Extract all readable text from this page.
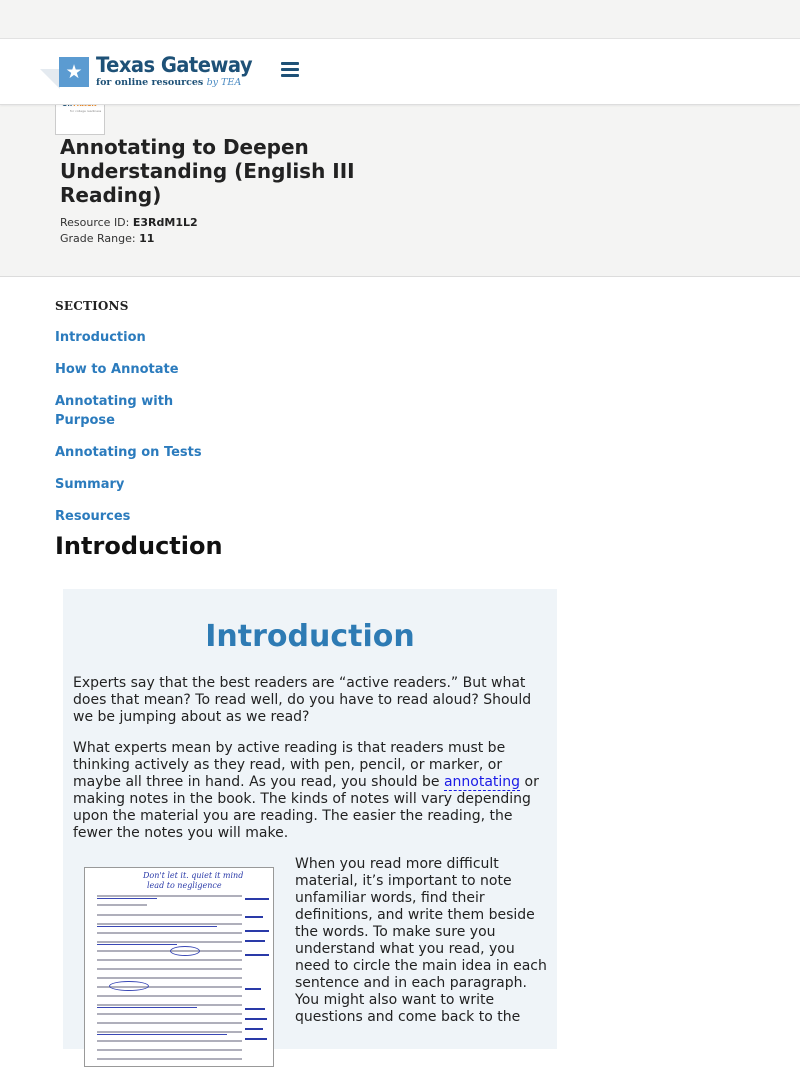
★ Texas Gateway
for online resources by TEA
for college readiness
Annotating to Deepen Understanding (English III Reading)
Resource ID: E3RdM1L2
Grade Range: 11
SECTIONS
Introduction
How to Annotate
Annotating with Purpose
Annotating on Tests
Summary
Resources
Introduction
Introduction

Experts say that the best readers are “active readers.” But what does that mean? To read well, do you have to read aloud? Should we be jumping about as we read?

What experts mean by active reading is that readers must be thinking actively as they read, with pen, pencil, or marker, or maybe all three in hand. As you read, you should be annotating or making notes in the book. The kinds of notes will vary depending upon the material you are reading. The easier the reading, the fewer the notes you will make.

Don't let it. quiet it mind
lead to negligence

When you read more difficult material, it’s important to note unfamiliar words, find their definitions, and write them beside the words. To make sure you understand what you read, you need to circle the main idea in each sentence and in each paragraph. You might also want to write questions and come back to the
